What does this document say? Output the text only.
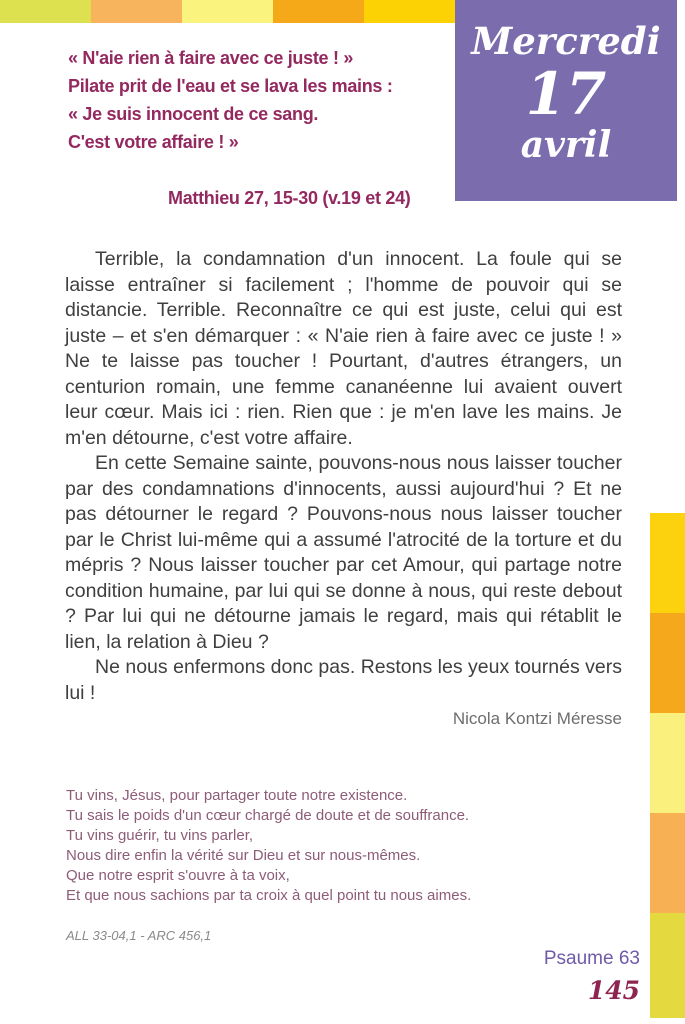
Mercredi
17
avril
« N'aie rien à faire avec ce juste ! »
Pilate prit de l'eau et se lava les mains :
« Je suis innocent de ce sang.
C'est votre affaire ! »
Matthieu 27, 15-30 (v.19 et 24)

Terrible, la condamnation d'un innocent. La foule qui se laisse entraîner si facilement ; l'homme de pouvoir qui se distancie. Terrible. Reconnaître ce qui est juste, celui qui est juste – et s'en démarquer : « N'aie rien à faire avec ce juste ! » Ne te laisse pas toucher ! Pourtant, d'autres étrangers, un centurion romain, une femme cananéenne lui avaient ouvert leur cœur. Mais ici : rien. Rien que : je m'en lave les mains. Je m'en détourne, c'est votre affaire.

En cette Semaine sainte, pouvons-nous nous laisser toucher par des condamnations d'innocents, aussi aujourd'hui ? Et ne pas détourner le regard ? Pouvons-nous nous laisser toucher par le Christ lui-même qui a assumé l'atrocité de la torture et du mépris ? Nous laisser toucher par cet Amour, qui partage notre condition humaine, par lui qui se donne à nous, qui reste debout ? Par lui qui ne détourne jamais le regard, mais qui rétablit le lien, la relation à Dieu ?

Ne nous enfermons donc pas. Restons les yeux tournés vers lui !

Nicola Kontzi Méresse

Tu vins, Jésus, pour partager toute notre existence.
Tu sais le poids d'un cœur chargé de doute et de souffrance.
Tu vins guérir, tu vins parler,
Nous dire enfin la vérité sur Dieu et sur nous-mêmes.
Que notre esprit s'ouvre à ta voix,
Et que nous sachions par ta croix à quel point tu nous aimes.
ALL 33-04,1 - ARC 456,1
Psaume 63
145
